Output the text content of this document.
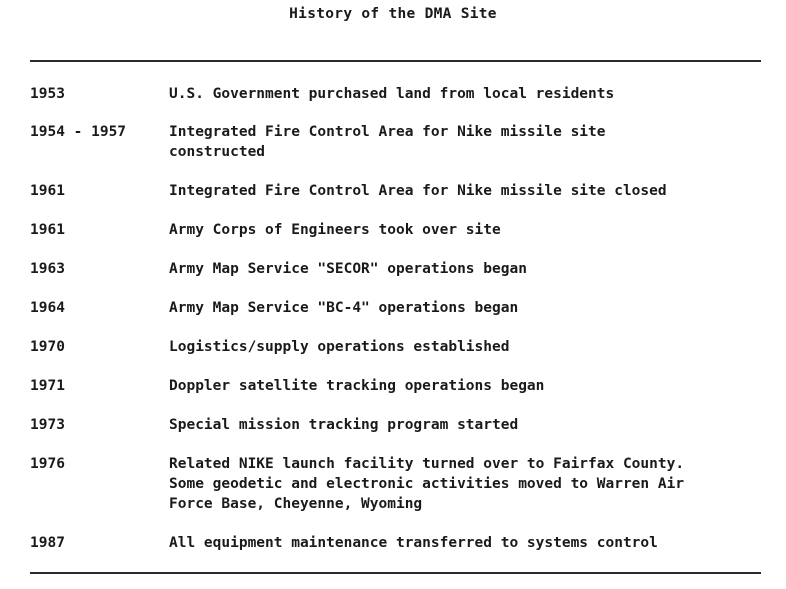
History of the DMA Site
1953	U.S. Government purchased land from local residents
1954 - 1957	Integrated Fire Control Area for Nike missile site
constructed
1961	Integrated Fire Control Area for Nike missile site closed
1961	Army Corps of Engineers took over site
1963	Army Map Service "SECOR" operations began
1964	Army Map Service "BC-4" operations began
1970	Logistics/supply operations established
1971	Doppler satellite tracking operations began
1973	Special mission tracking program started
1976	Related NIKE launch facility turned over to Fairfax County.
Some geodetic and electronic activities moved to Warren Air
Force Base, Cheyenne, Wyoming
1987	All equipment maintenance transferred to systems control
